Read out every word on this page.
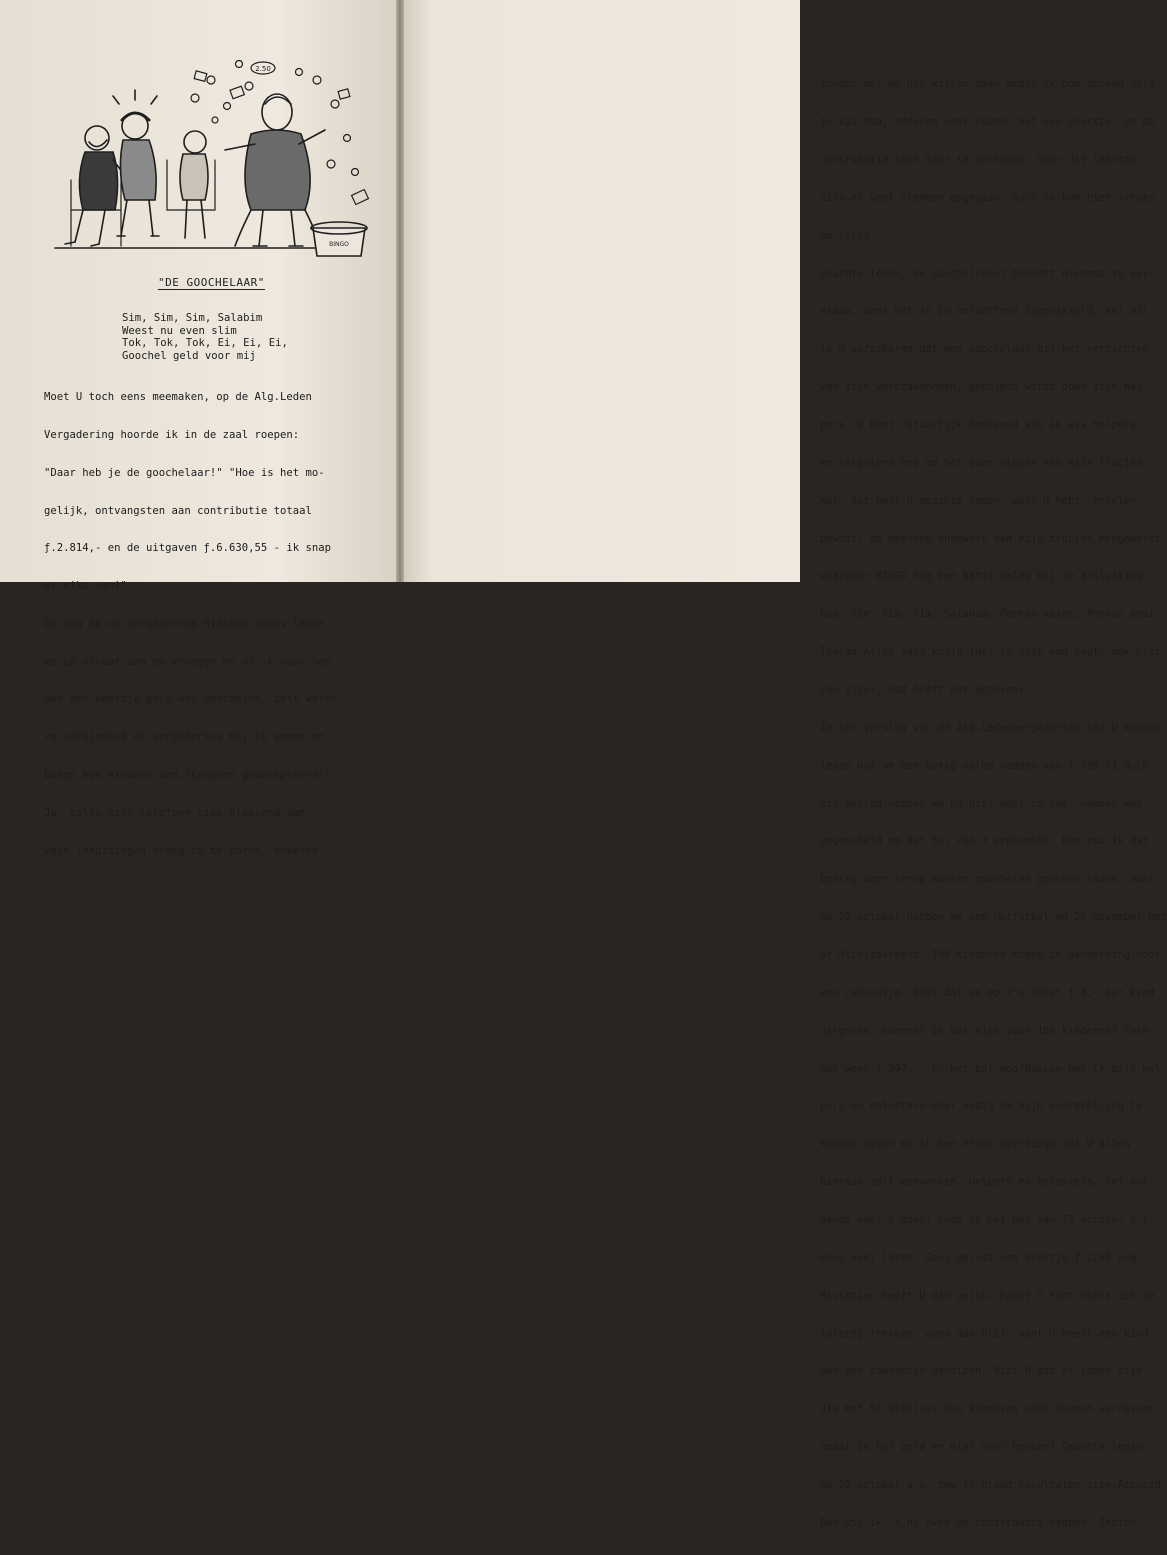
2.50
BINGO
"DE GOOCHELAAR"
Sim, Sim, Sim, Salabim
Weest nu even slim
Tok, Tok, Tok, Ei, Ei, Ei,
Goochel geld voor mij

Moet U toch eens meemaken, op de Alg.Leden

Vergadering hoorde ik in de zaal roepen:

"Daar heb je de goochelaar!" "Hoe is het mo-

gelijk, ontvangsten aan contributie totaal

ƒ.2.814,- en de uitgaven ƒ.6.630,55 - ik snap

er niks van!"

De dag na de vergadering hielden dames-leden

me op straat aan en vroegen me of ik voor hen

ook een keertje geld wou goochelen, zelf waren

ze verhinderd de vergadering bij te wonen en

boden hun excuses aan.(Excuses geaccepteerd!)

Ja, zelfs mijn telefoon liep gloeiend aan.

Vele lofuitingen kreeg ik te horen, enkelen

zouden met me uit willen gaan omdat ik nog genoeg geld

in kas had, anderen weer kwamen met een voorstel om de

contributie toch maar te verhogen. Voor dit laatste

zijn er veel stemmen opgegaan, doch ik kom hier straks

op terug.

Geachte leden, de goochelkunst behoeft niemand te ver-

staan, want het is zo ontzettend ingewikkeld. Wel wil

ik U verzekeren dat een goochelaar bij het verrichten

van zijn werkzaamheden, geholpen wordt door zijn hel-

pers. U bent natuurlijk benieuwd wie ik als helpers

en helpsters heb om het doen slagen van mijn trucjes.

Wel, dat bent U geachte leden, want U hebt, enkelen

bewust, de meesten onbewust aan mijn trucjes meegewerkt

waardoor BINGO nog een batig saldo bij de afsluiting

had. Sim, Sim, Sim, Salabim, Poekan kajoe, Poekan besi

Toehan Allah jang kasih.(Het is niet van hout, ook niet

van ijzer, God heeft het gegeven).

In het verslag van de Alg.Ledenvergadering had U kunnen

lezen dat we een batig saldo hadden van ƒ.709,51 doch

dit bedrag hebben we nu niet meer in kas. Gewoon weg-

gegoocheld op het bal van 3 september. Hoe zou ik dat

bedrag weer terug moeten goochelen geachte leden, want

op 22 october hebben we een Herfstbal en 26 november het

St.Nicolaasfeest. 199 Kinderen komen in aanmerking voor

een cadeautje. Stel dat we op z'n minst ƒ.3,- per kind

uitgeven, hoeveel is dat niet voor 199 kinderen? Toch

ook weer ƒ.597,-. En het bal nog?Daarom heb ik mijn hel-

pers en helpsters weer nodig om mijn voorstelling te

kunnen geven en ik ben ervan overtuigd dat U allen

hieraan zult meewerken. Helpers en helpsters, het vol-

gende moet U doen; koop op het bal van 22 october a.s.

eens veel loten. Gooi gerust een keertje ƒ.2,50 weg.

Misschien heeft U dan geluk. Mocht U toch niets uit de

loterij trekken, wees dan blij, want U heeft een kind

aan een cadeautje geholpen. Wist U dat er leden zijn,

die met St.Nicolaas hun kinderen niet kunnen verrassen

omdat ze het geld er niet voor hebben? Geachte leden,

op 22 october a.s. zou ik graag resultaten zien.Accoord

Dan wil ik 't nu over de contributie hebben. Indien
